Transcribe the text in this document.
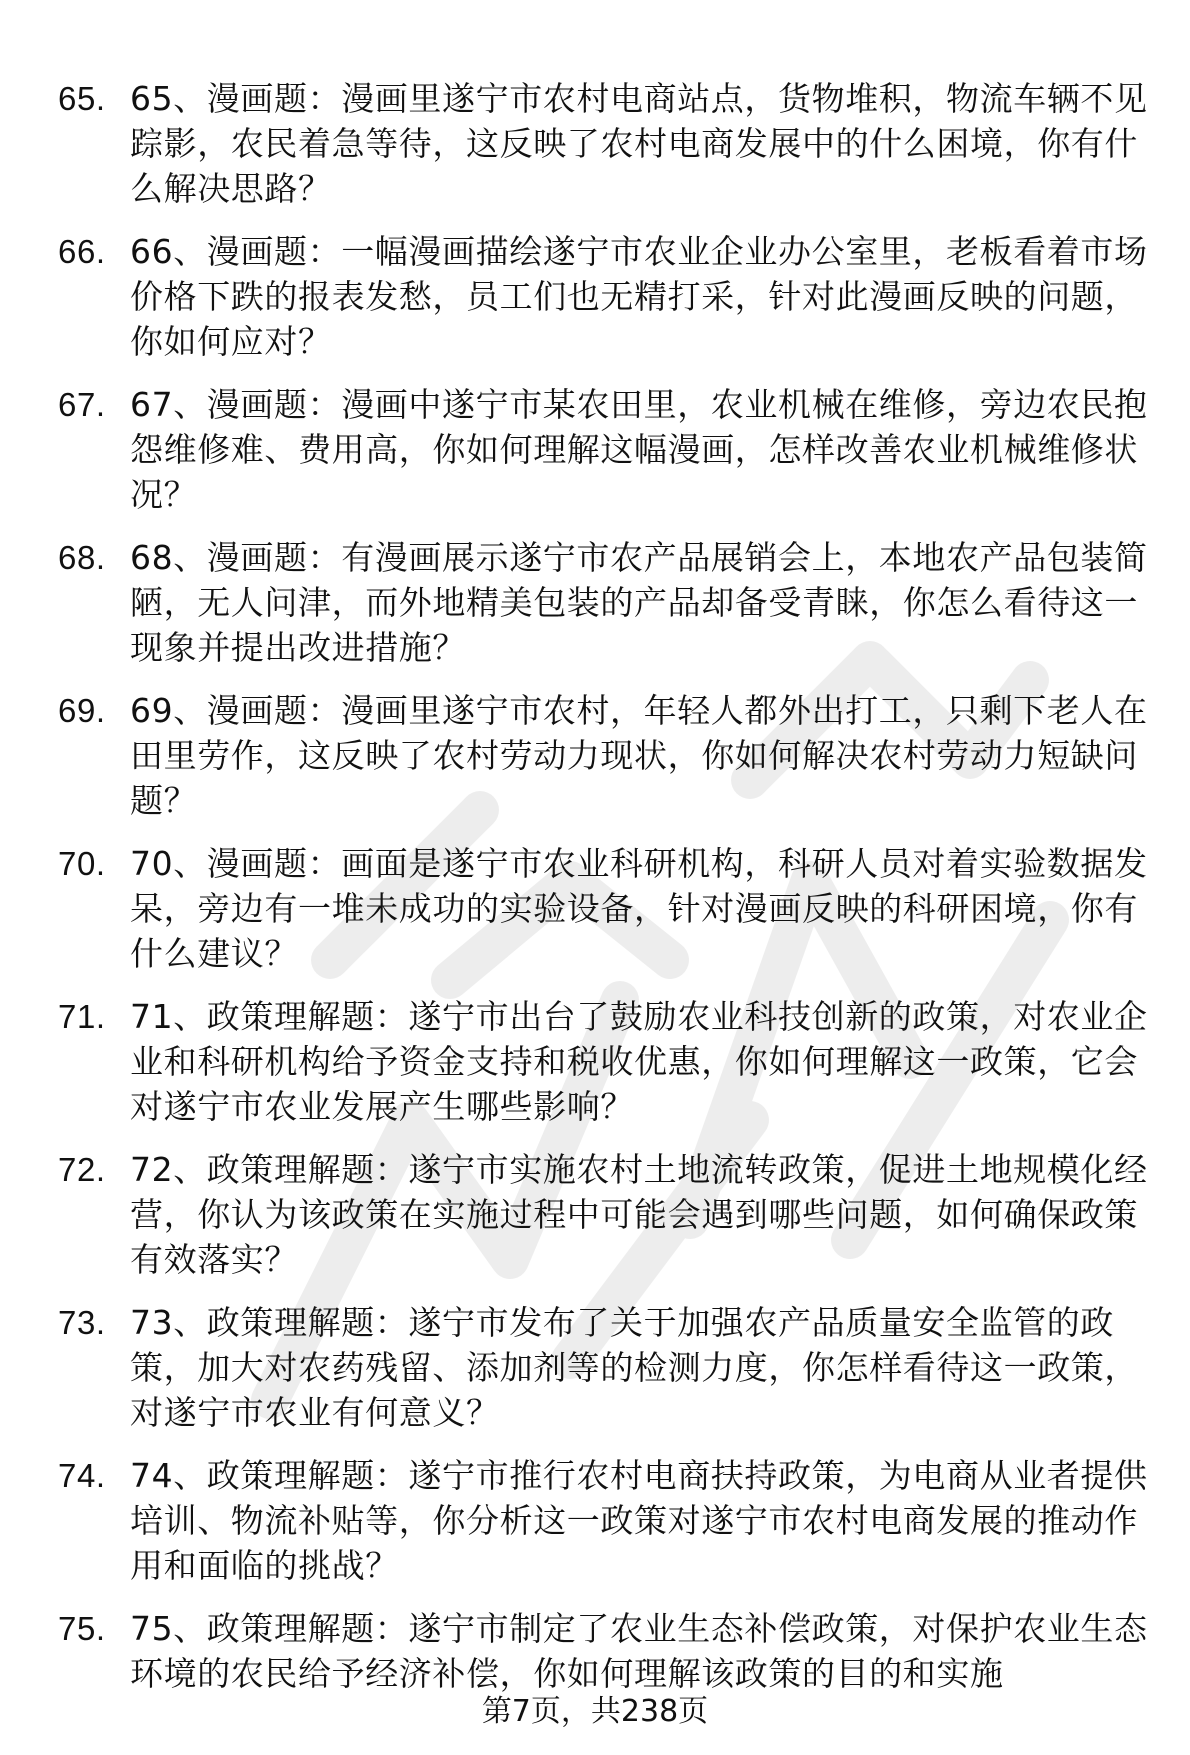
65. 65、漫画题：漫画里遂宁市农村电商站点，货物堆积，物流车辆不见踪影，农民着急等待，这反映了农村电商发展中的什么困境，你有什么解决思路？
66. 66、漫画题：一幅漫画描绘遂宁市农业企业办公室里，老板看着市场价格下跌的报表发愁，员工们也无精打采，针对此漫画反映的问题，你如何应对？
67. 67、漫画题：漫画中遂宁市某农田里，农业机械在维修，旁边农民抱怨维修难、费用高，你如何理解这幅漫画，怎样改善农业机械维修状况？
68. 68、漫画题：有漫画展示遂宁市农产品展销会上，本地农产品包装简陋，无人问津，而外地精美包装的产品却备受青睐，你怎么看待这一现象并提出改进措施？
69. 69、漫画题：漫画里遂宁市农村，年轻人都外出打工，只剩下老人在田里劳作，这反映了农村劳动力现状，你如何解决农村劳动力短缺问题？
70. 70、漫画题：画面是遂宁市农业科研机构，科研人员对着实验数据发呆，旁边有一堆未成功的实验设备，针对漫画反映的科研困境，你有什么建议？
71. 71、政策理解题：遂宁市出台了鼓励农业科技创新的政策，对农业企业和科研机构给予资金支持和税收优惠，你如何理解这一政策，它会对遂宁市农业发展产生哪些影响？
72. 72、政策理解题：遂宁市实施农村土地流转政策，促进土地规模化经营，你认为该政策在实施过程中可能会遇到哪些问题，如何确保政策有效落实？
73. 73、政策理解题：遂宁市发布了关于加强农产品质量安全监管的政策，加大对农药残留、添加剂等的检测力度，你怎样看待这一政策，对遂宁市农业有何意义？
74. 74、政策理解题：遂宁市推行农村电商扶持政策，为电商从业者提供培训、物流补贴等，你分析这一政策对遂宁市农村电商发展的推动作用和面临的挑战？
75. 75、政策理解题：遂宁市制定了农业生态补偿政策，对保护农业生态环境的农民给予经济补偿，你如何理解该政策的目的和实施
第7页，共238页
